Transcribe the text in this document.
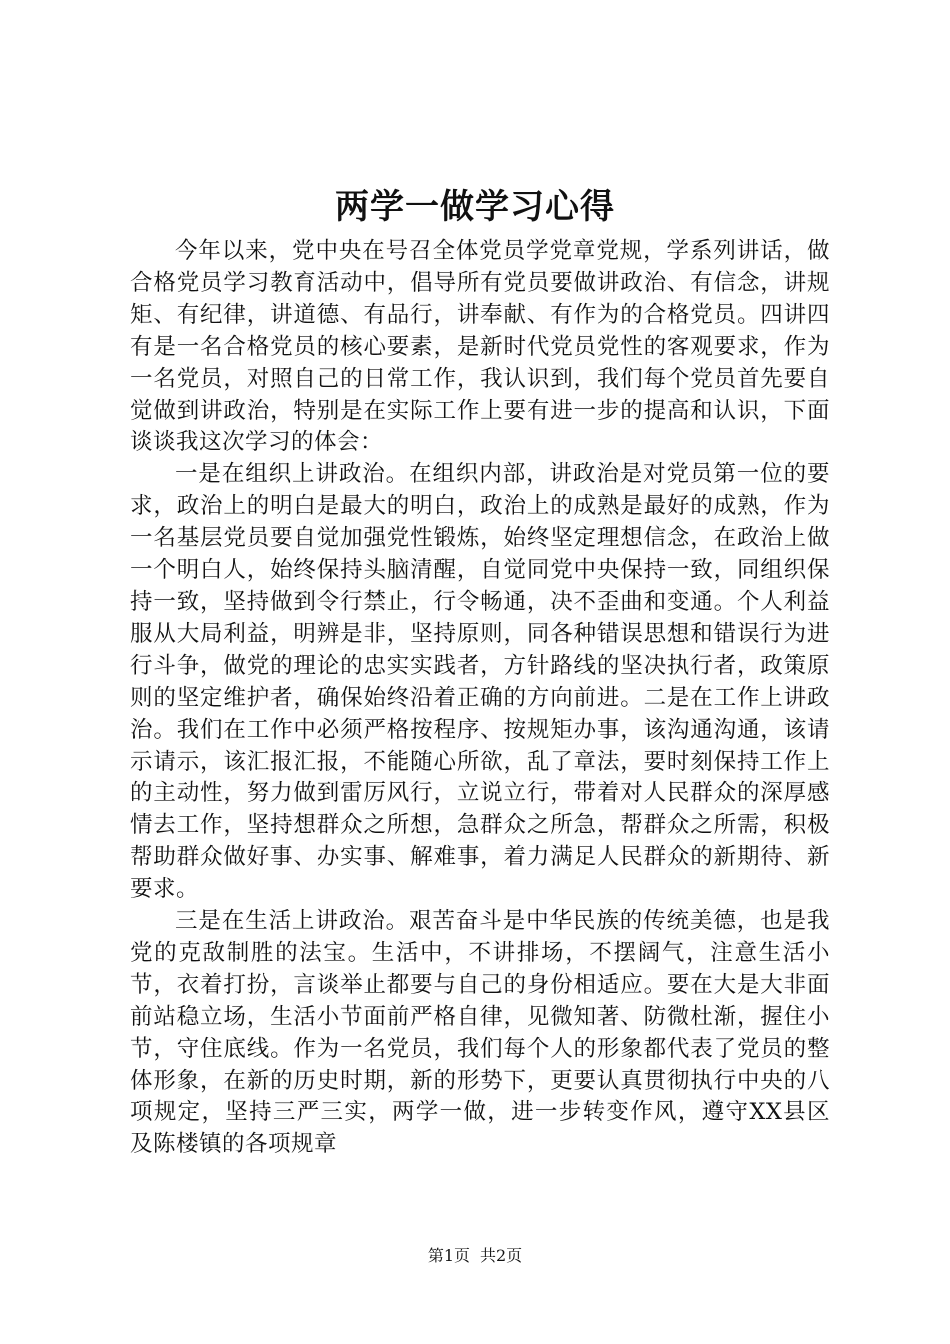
两学一做学习心得

今年以来，党中央在号召全体党员学党章党规，学系列讲话，做合格党员学习教育活动中，倡导所有党员要做讲政治、有信念，讲规矩、有纪律，讲道德、有品行，讲奉献、有作为的合格党员。四讲四有是一名合格党员的核心要素，是新时代党员党性的客观要求，作为一名党员，对照自己的日常工作，我认识到，我们每个党员首先要自觉做到讲政治，特别是在实际工作上要有进一步的提高和认识，下面谈谈我这次学习的体会：

一是在组织上讲政治。在组织内部，讲政治是对党员第一位的要求，政治上的明白是最大的明白，政治上的成熟是最好的成熟，作为一名基层党员要自觉加强党性锻炼，始终坚定理想信念，在政治上做一个明白人，始终保持头脑清醒，自觉同党中央保持一致，同组织保持一致，坚持做到令行禁止，行令畅通，决不歪曲和变通。个人利益服从大局利益，明辨是非，坚持原则，同各种错误思想和错误行为进行斗争，做党的理论的忠实实践者，方针路线的坚决执行者，政策原则的坚定维护者，确保始终沿着正确的方向前进。二是在工作上讲政治。我们在工作中必须严格按程序、按规矩办事，该沟通沟通，该请示请示，该汇报汇报，不能随心所欲，乱了章法，要时刻保持工作上的主动性，努力做到雷厉风行，立说立行，带着对人民群众的深厚感情去工作，坚持想群众之所想，急群众之所急，帮群众之所需，积极帮助群众做好事、办实事、解难事，着力满足人民群众的新期待、新要求。

三是在生活上讲政治。艰苦奋斗是中华民族的传统美德，也是我党的克敌制胜的法宝。生活中，不讲排场，不摆阔气，注意生活小节，衣着打扮，言谈举止都要与自己的身份相适应。要在大是大非面前站稳立场，生活小节面前严格自律，见微知著、防微杜渐，握住小节，守住底线。作为一名党员，我们每个人的形象都代表了党员的整体形象，在新的历史时期，新的形势下，更要认真贯彻执行中央的八项规定，坚持三严三实，两学一做，进一步转变作风，遵守XX县区及陈楼镇的各项规章

第1页 共2页
